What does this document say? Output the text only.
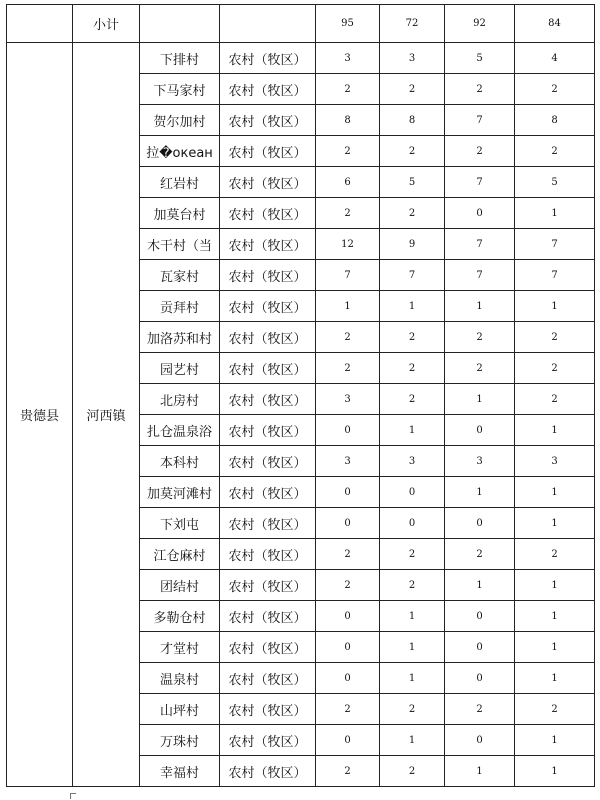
	小计			95	72	92	84
贵德县	河西镇	下排村	农村（牧区）	3	3	5	4
		下马家村	农村（牧区）	2	2	2	2
		贺尔加村	农村（牧区）	8	8	7	8
		拉�океан	农村（牧区）	2	2	2	2
		红岩村	农村（牧区）	6	5	7	5
		加莫台村	农村（牧区）	2	2	0	1
		木干村（当	农村（牧区）	12	9	7	7
		瓦家村	农村（牧区）	7	7	7	7
		贡拜村	农村（牧区）	1	1	1	1
		加洛苏和村	农村（牧区）	2	2	2	2
		园艺村	农村（牧区）	2	2	2	2
		北房村	农村（牧区）	3	2	1	2
		扎仓温泉浴	农村（牧区）	0	1	0	1
		本科村	农村（牧区）	3	3	3	3
		加莫河滩村	农村（牧区）	0	0	1	1
		下刘屯	农村（牧区）	0	0	0	1
		江仓麻村	农村（牧区）	2	2	2	2
		团结村	农村（牧区）	2	2	1	1
		多勒仓村	农村（牧区）	0	1	0	1
		才堂村	农村（牧区）	0	1	0	1
		温泉村	农村（牧区）	0	1	0	1
		山坪村	农村（牧区）	2	2	2	2
		万珠村	农村（牧区）	0	1	0	1
		幸福村	农村（牧区）	2	2	1	1
